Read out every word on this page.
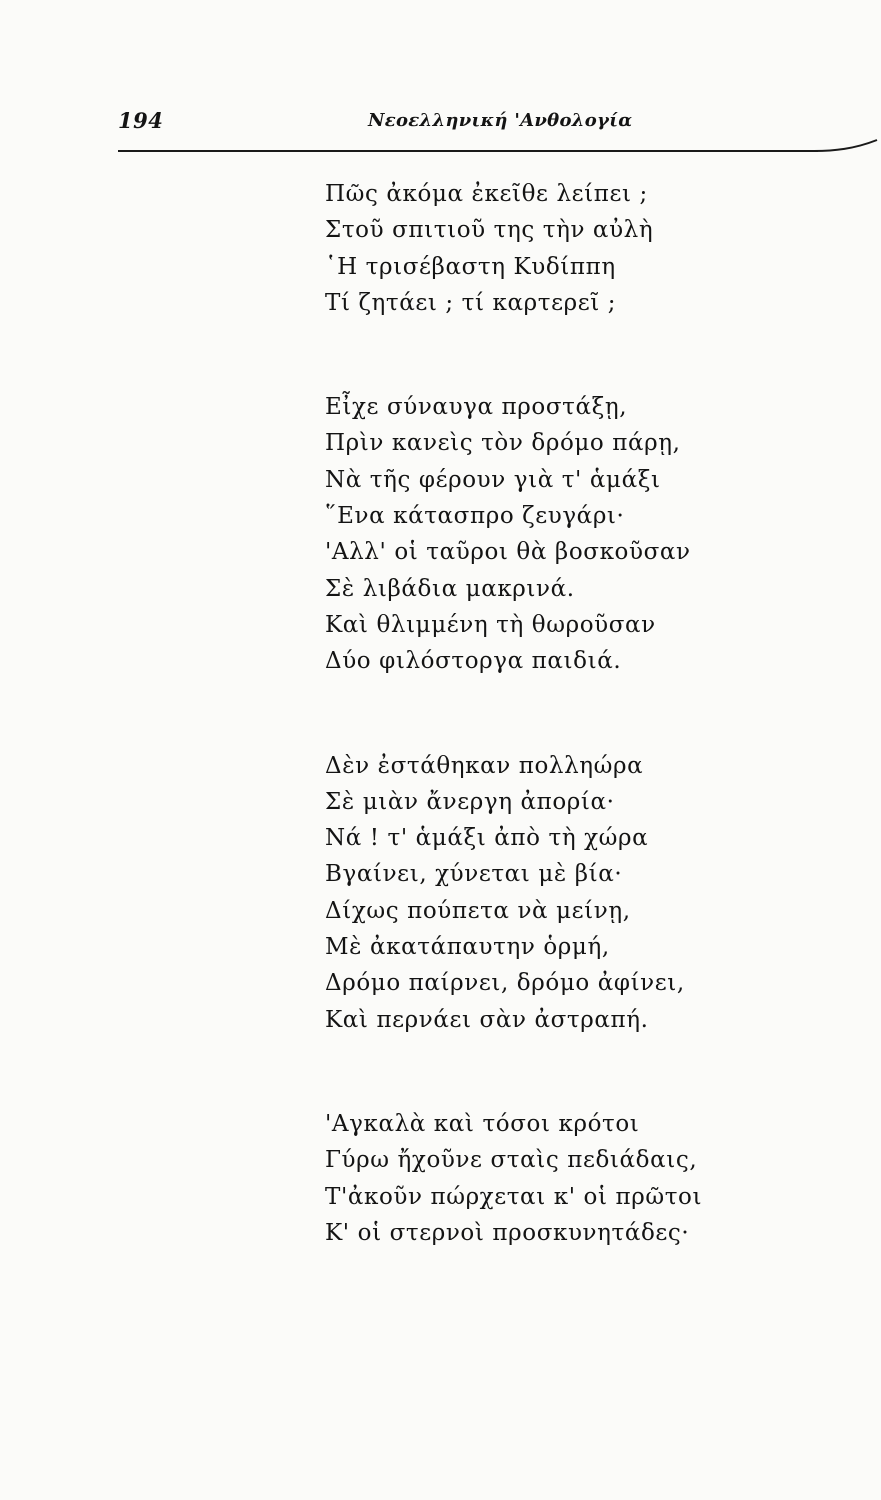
194	Νεοελληνική 'Ανθολογία
Πῶς ἀκόμα ἐκεῖθε λείπει ;
Στοῦ σπιτιοῦ της τὴν αὐλὴ
῾Η τρισέβαστη Κυδίππη
Τί ζητάει ; τί καρτερεῖ ;
Εἶχε σύναυγα προστάξῃ,
Πρὶν κανεὶς τὸν δρόμο πάρῃ,
Νὰ τῆς φέρουν γιὰ τ' ἁμάξι
῞Ενα κάτασπρο ζευγάρι·
'Αλλ' οἱ ταῦροι θὰ βοσκοῦσαν
Σὲ λιβάδια μακρινά.
Καὶ θλιμμένη τὴ θωροῦσαν
Δύο φιλόστοργα παιδιά.
Δὲν ἐστάθηκαν πολληώρα
Σὲ μιὰν ἄνεργη ἀπορία·
Νά ! τ' ἁμάξι ἀπὸ τὴ χώρα
Βγαίνει, χύνεται μὲ βία·
Δίχως πούπετα νὰ μείνῃ,
Μὲ ἀκατάπαυτην ὁρμή,
Δρόμο παίρνει, δρόμο ἀφίνει,
Καὶ περνάει σὰν ἀστραπή.
'Αγκαλὰ καὶ τόσοι κρότοι
Γύρω ἤχοῦνε σταὶς πεδιάδαις,
Τ'ἀκοῦν πώρχεται κ' οἱ πρῶτοι
Κ' οἱ στερνοὶ προσκυνητάδες·
